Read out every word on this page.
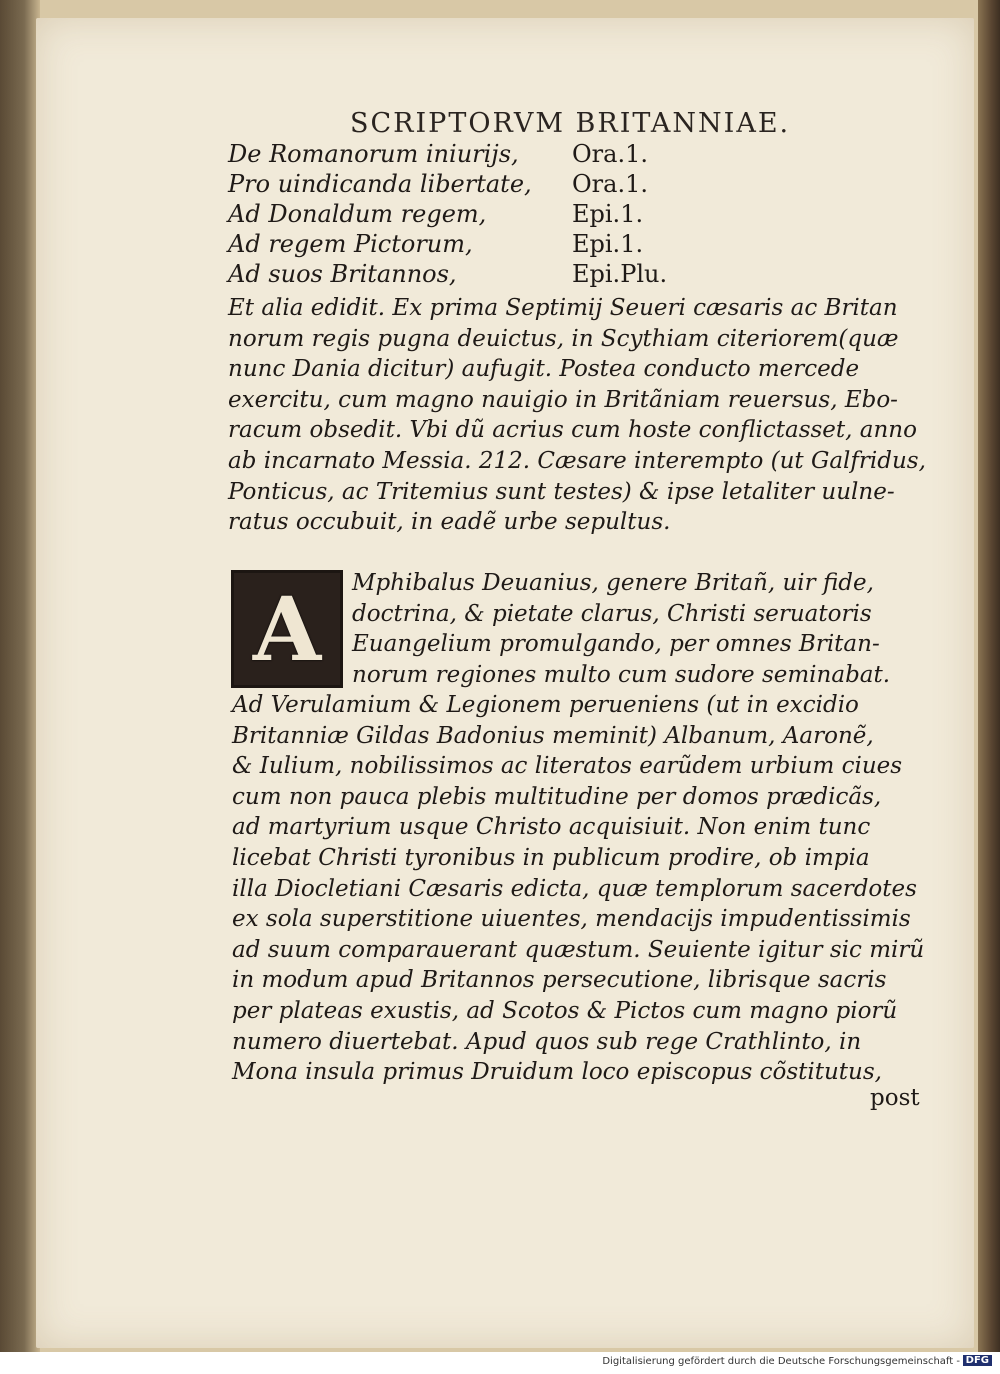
SCRIPTORVM BRITANNIAE.
De Romanorum iniurijs, Ora.1.
Pro uindicanda libertate, Ora.1.
Ad Donaldum regem,	Epi.1.
Ad regem Pictorum,	Epi.1.
Ad suos Britannos,	Epi.Plu.
Et alia edidit. Ex prima Septimij Seueri cæsaris ac Britan
norum regis pugna deuictus, in Scythiam citeriorem(quæ
nunc Dania dicitur) aufugit. Postea conducto mercede
exercitu, cum magno nauigio in Britãniam reuersus, Ebo-
racum obsedit. Vbi dũ acrius cum hoste conflictasset, anno
ab incarnato Messia. 212. Cæsare interempto (ut Galfridus,
Ponticus, ac Tritemius sunt testes) & ipse letaliter uulne-
ratus occubuit, in eadẽ urbe sepultus.
A Mphibalus Deuanius, genere Britañ, uir fide,
doctrina, & pietate clarus, Christi seruatoris
Euangelium promulgando, per omnes Britan-
norum regiones multo cum sudore seminabat.
Ad Verulamium & Legionem perueniens (ut in excidio
Britanniæ Gildas Badonius meminit) Albanum, Aaronẽ,
& Iulium, nobilissimos ac literatos earũdem urbium ciues
cum non pauca plebis multitudine per domos prædicãs,
ad martyrium usque Christo acquisiuit. Non enim tunc
licebat Christi tyronibus in publicum prodire, ob impia
illa Diocletiani Cæsaris edicta, quæ templorum sacerdotes
ex sola superstitione uiuentes, mendacijs impudentissimis
ad suum comparauerant quæstum. Seuiente igitur sic mirũ
in modum apud Britannos persecutione, librisque sacris
per plateas exustis, ad Scotos & Pictos cum magno piorũ
numero diuertebat. Apud quos sub rege Crathlinto, in
Mona insula primus Druidum loco episcopus cõstitutus,
post
Digitalisierung gefördert durch die Deutsche Forschungsgemeinschaft - DFG
